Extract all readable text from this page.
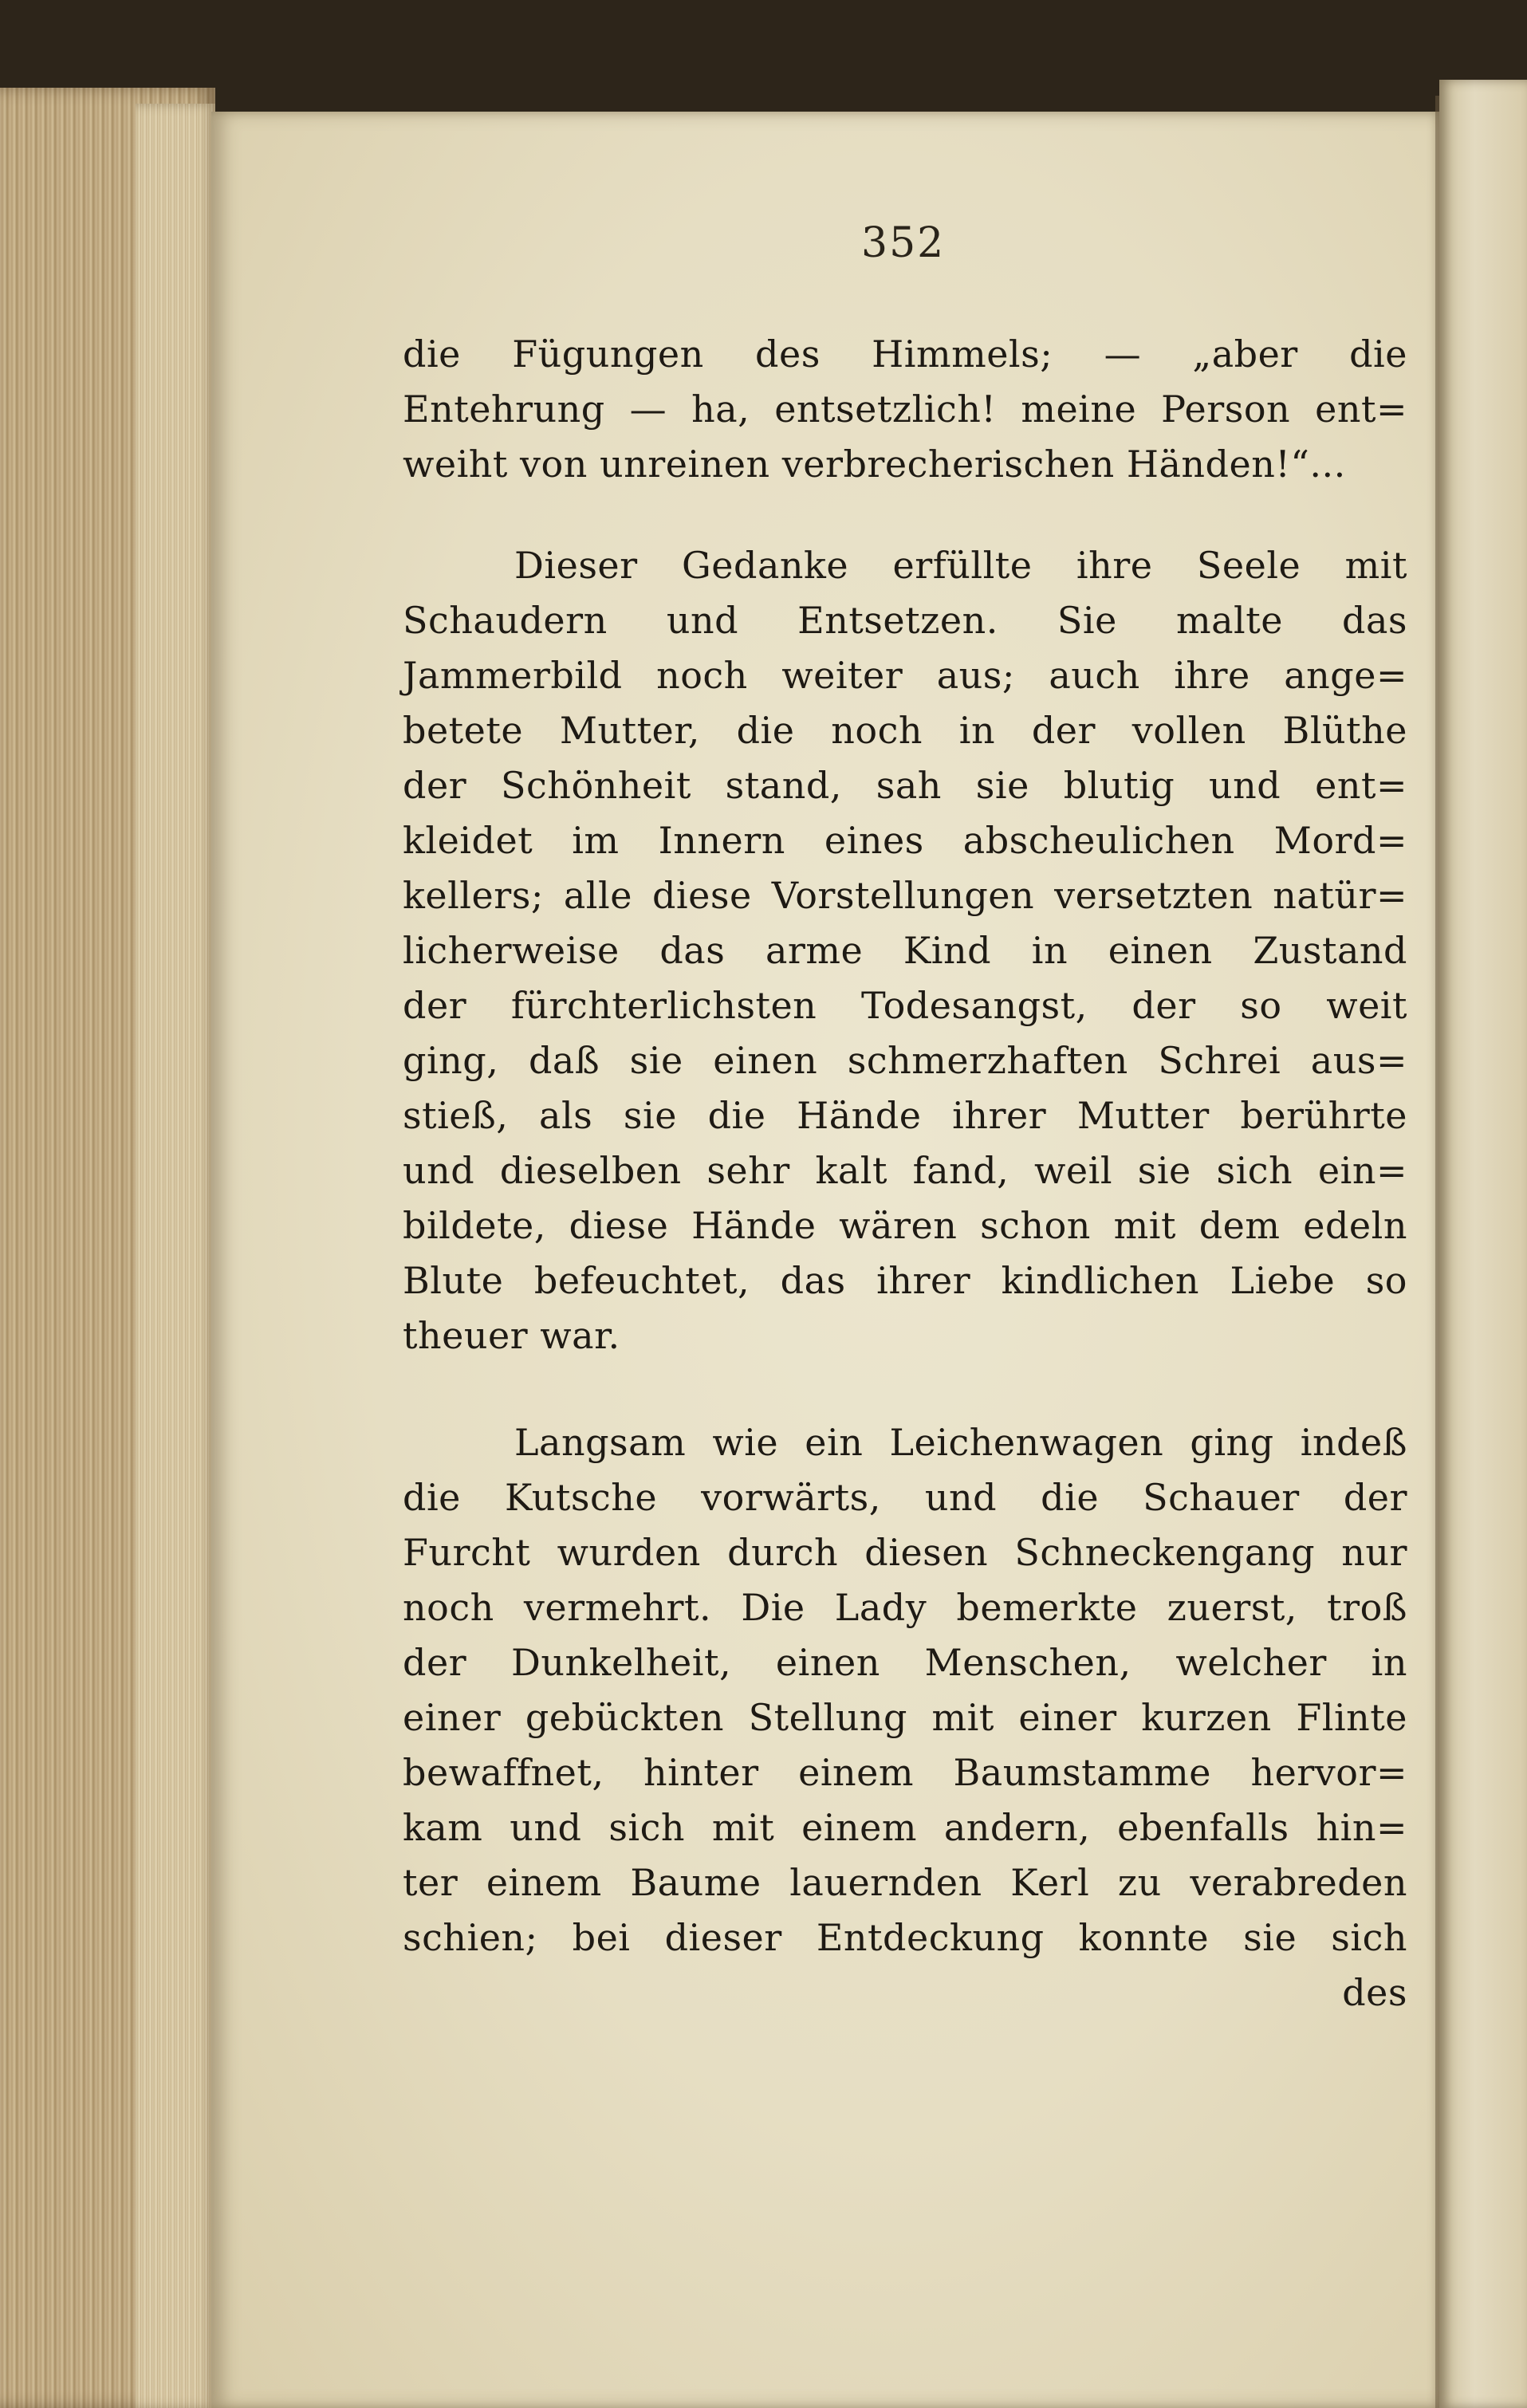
352
die Fügungen des Himmels; — „aber die
Entehrung — ha, entsetzlich! meine Person ent=
weiht von unreinen verbrecherischen Händen!“...
Dieser Gedanke erfüllte ihre Seele mit
Schaudern und Entsetzen. Sie malte das
Jammerbild noch weiter aus; auch ihre ange=
betete Mutter, die noch in der vollen Blüthe
der Schönheit stand, sah sie blutig und ent=
kleidet im Innern eines abscheulichen Mord=
kellers; alle diese Vorstellungen versetzten natür=
licherweise das arme Kind in einen Zustand
der fürchterlichsten Todesangst, der so weit
ging, daß sie einen schmerzhaften Schrei aus=
stieß, als sie die Hände ihrer Mutter berührte
und dieselben sehr kalt fand, weil sie sich ein=
bildete, diese Hände wären schon mit dem edeln
Blute befeuchtet, das ihrer kindlichen Liebe so
theuer war.
Langsam wie ein Leichenwagen ging indeß
die Kutsche vorwärts, und die Schauer der
Furcht wurden durch diesen Schneckengang nur
noch vermehrt. Die Lady bemerkte zuerst, troß
der Dunkelheit, einen Menschen, welcher in
einer gebückten Stellung mit einer kurzen Flinte
bewaffnet, hinter einem Baumstamme hervor=
kam und sich mit einem andern, ebenfalls hin=
ter einem Baume lauernden Kerl zu verabreden
schien; bei dieser Entdeckung konnte sie sich
des
